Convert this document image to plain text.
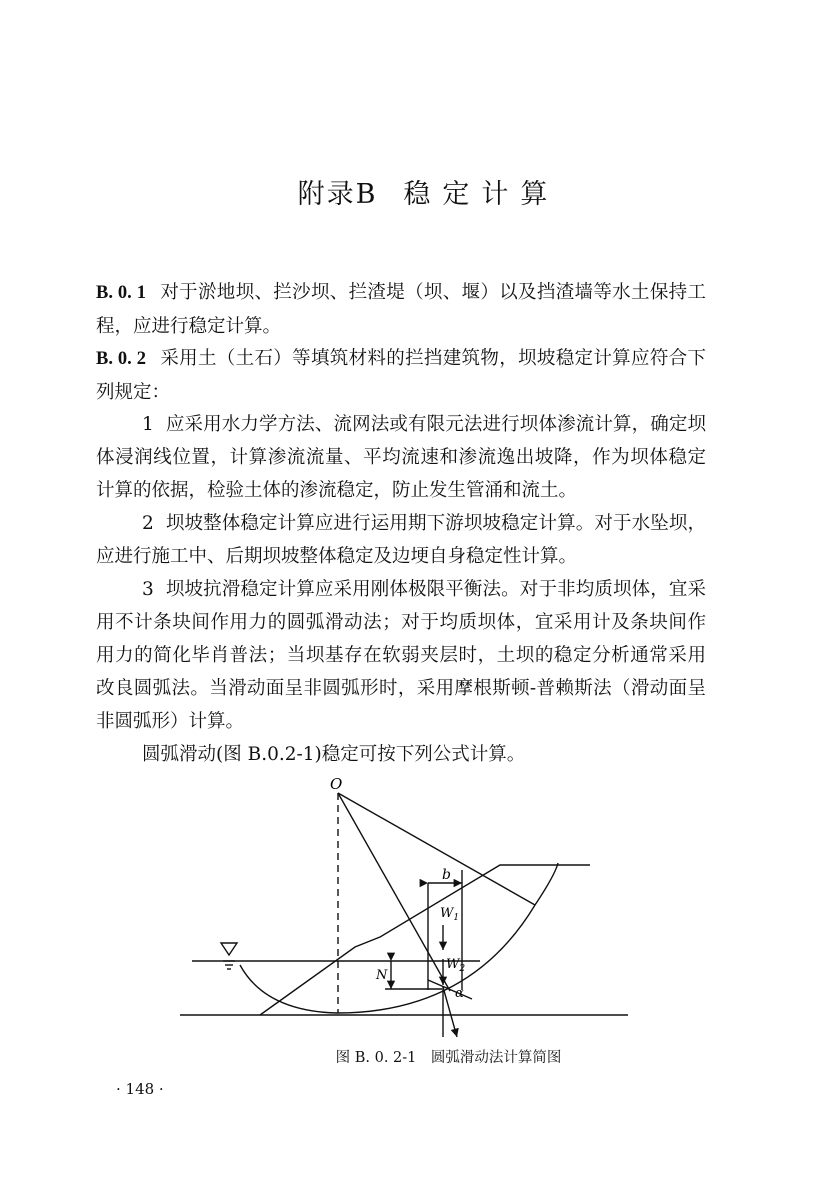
附录B 稳定计算
B. 0. 1 对于淤地坝、拦沙坝、拦渣堤（坝、堰）以及挡渣墙等水土保持工程，应进行稳定计算。
B. 0. 2 采用土（土石）等填筑材料的拦挡建筑物，坝坡稳定计算应符合下列规定：
1 应采用水力学方法、流网法或有限元法进行坝体渗流计算，确定坝体浸润线位置，计算渗流流量、平均流速和渗流逸出坡降，作为坝体稳定计算的依据，检验土体的渗流稳定，防止发生管涌和流土。
2 坝坡整体稳定计算应进行运用期下游坝坡稳定计算。对于水坠坝，应进行施工中、后期坝坡整体稳定及边埂自身稳定性计算。
3 坝坡抗滑稳定计算应采用刚体极限平衡法。对于非均质坝体，宜采用不计条块间作用力的圆弧滑动法；对于均质坝体，宜采用计及条块间作用力的简化毕肖普法；当坝基存在软弱夹层时，土坝的稳定分析通常采用改良圆弧法。当滑动面呈非圆弧形时，采用摩根斯顿-普赖斯法（滑动面呈非圆弧形）计算。
圆弧滑动(图 B.0.2-1)稳定可按下列公式计算。
O
b
$W_1$
$W_2$
N
α
图 B. 0. 2-1　圆弧滑动法计算简图
· 148 ·
